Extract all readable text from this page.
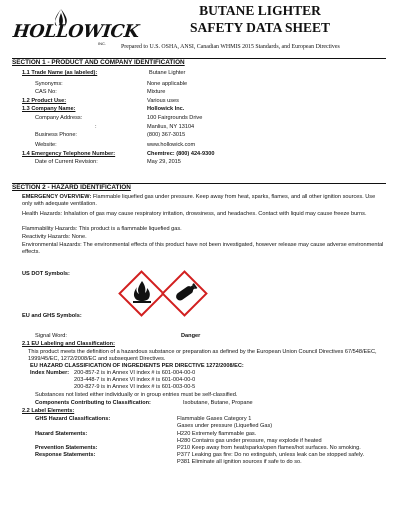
HOLLOWICK
INC.
BUTANE LIGHTER
SAFETY DATA SHEET
Prepared to U.S. OSHA, ANSI, Canadian WHMIS 2015 Standards, and European Directives
SECTION 1 - PRODUCT AND COMPANY IDENTIFICATION
1.1 Trade Name (as labeled):	Butane Lighter
Synonyms:	None applicable
CAS No:	Mixture
1.2 Product Use:	Various uses
1.3 Company Name:	Hollowick Inc.
Company Address:	100 Fairgrounds Drive
:	Manlius, NY 13104
Business Phone:	(800) 367-3015
Website:	www.hollowick.com
1.4 Emergency Telephone Number:	Chemtrec: (800) 424-9300
Date of Current Revision:	May 29, 2015
SECTION 2 - HAZARD IDENTIFICATION
EMERGENCY OVERVIEW: Flammable liquefied gas under pressure. Keep away from heat, sparks, flames, and all other ignition sources. Use only with adequate ventilation.
Health Hazards: Inhalation of gas may cause respiratory irritation, drowsiness, and headaches. Contact with liquid may cause freeze burns.
Flammability Hazards: This product is a flammable liquefied gas.
Reactivity Hazards: None.
Environmental Hazards: The environmental effects of this product have not been investigated, however release may cause adverse environmental effects.
US DOT Symbols:
EU and GHS Symbols:
Signal Word:	Danger
2.1 EU Labeling and Classification:
This product meets the definition of a hazardous substance or preparation as defined by the European Union Council Directives 67/548/EEC, 1999/45/EC, 1272/2008/EC and subsequent Directives.
EU HAZARD CLASSIFICATION OF INGREDIENTS PER DIRECTIVE 1272/2008/EC:
Index Number: 200-857-2 is in Annex VI index # is 601-004-00-0
203-448-7 is in Annex VI index # is 601-004-00-0
200-827-9 is in Annex VI index # is 601-003-00-5
Substances not listed either individually or in group entries must be self-classified.
Components Contributing to Classification:	Isobutane, Butane, Propane
2.2 Label Elements:
GHS Hazard Classifications:	Flammable Gases Category 1
Gases under pressure (Liquefied Gas)
Hazard Statements:	H220 Extremely flammable gas.
H280 Contains gas under pressure, may explode if heated
Prevention Statements:	P210 Keep away from heat/sparks/open flames/hot surfaces. No smoking.
Response Statements:	P377 Leaking gas fire: Do no extinguish, unless leak can be stopped safely.
P381 Eliminate all ignition sources if safe to do so.
